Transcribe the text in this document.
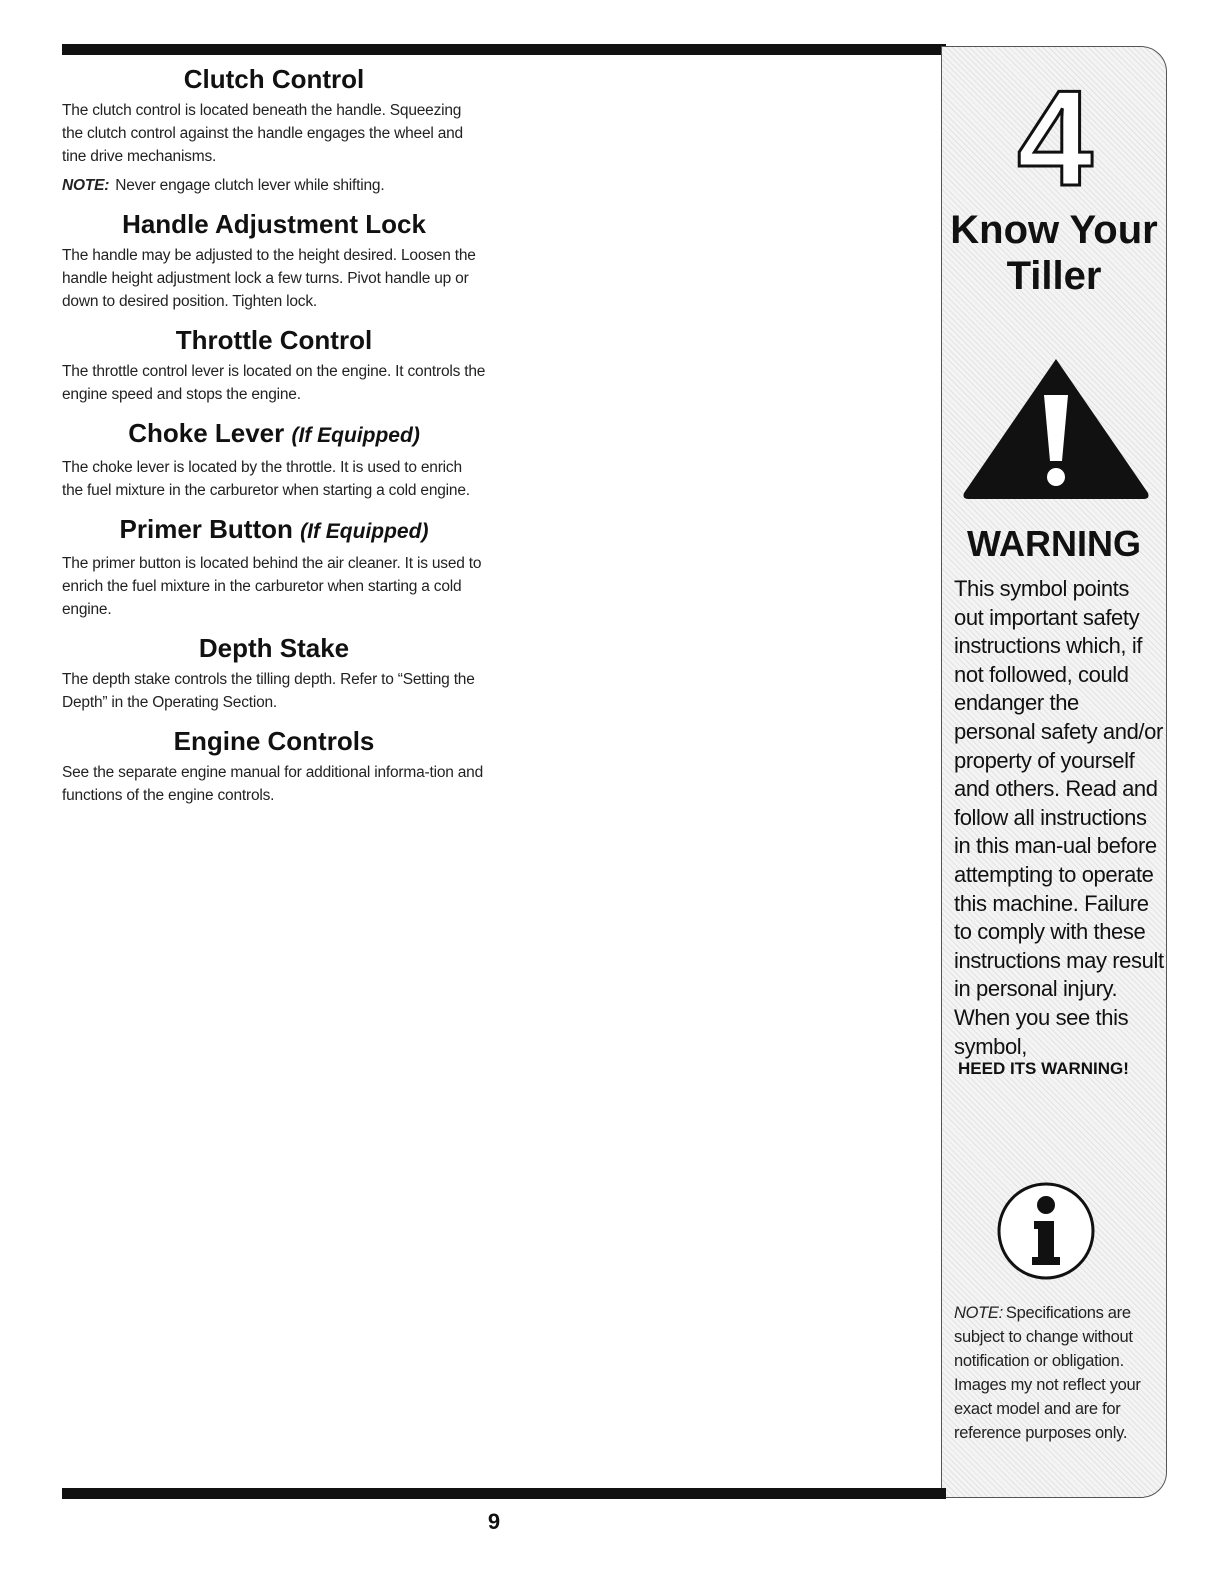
Clutch Control

The clutch control is located beneath the handle. Squeezing the clutch control against the handle engages the wheel and tine drive mechanisms.

NOTE: Never engage clutch lever while shifting.

Handle Adjustment Lock

The handle may be adjusted to the height desired. Loosen the handle height adjustment lock a few turns. Pivot handle up or down to desired position. Tighten lock.

Throttle Control

The throttle control lever is located on the engine. It controls the engine speed and stops the engine.

Choke Lever (If Equipped)

The choke lever is located by the throttle. It is used to enrich the fuel mixture in the carburetor when starting a cold engine.

Primer Button (If Equipped)

The primer button is located behind the air cleaner. It is used to enrich the fuel mixture in the carburetor when starting a cold engine.

Depth Stake

The depth stake controls the tilling depth. Refer to “Setting the Depth” in the Operating Section.

Engine Controls

See the separate engine manual for additional informa-tion and functions of the engine controls.

4
Know Your Tiller
WARNING
This symbol points out important safety instructions which, if not followed, could endanger the personal safety and/or property of yourself and others. Read and follow all instructions in this man-ual before attempting to operate this machine. Failure to comply with these instructions may result in personal injury. When you see this symbol,
HEED ITS WARNING!
NOTE: Specifications are subject to change without notification or obligation. Images my not reflect your exact model and are for reference purposes only.
9
